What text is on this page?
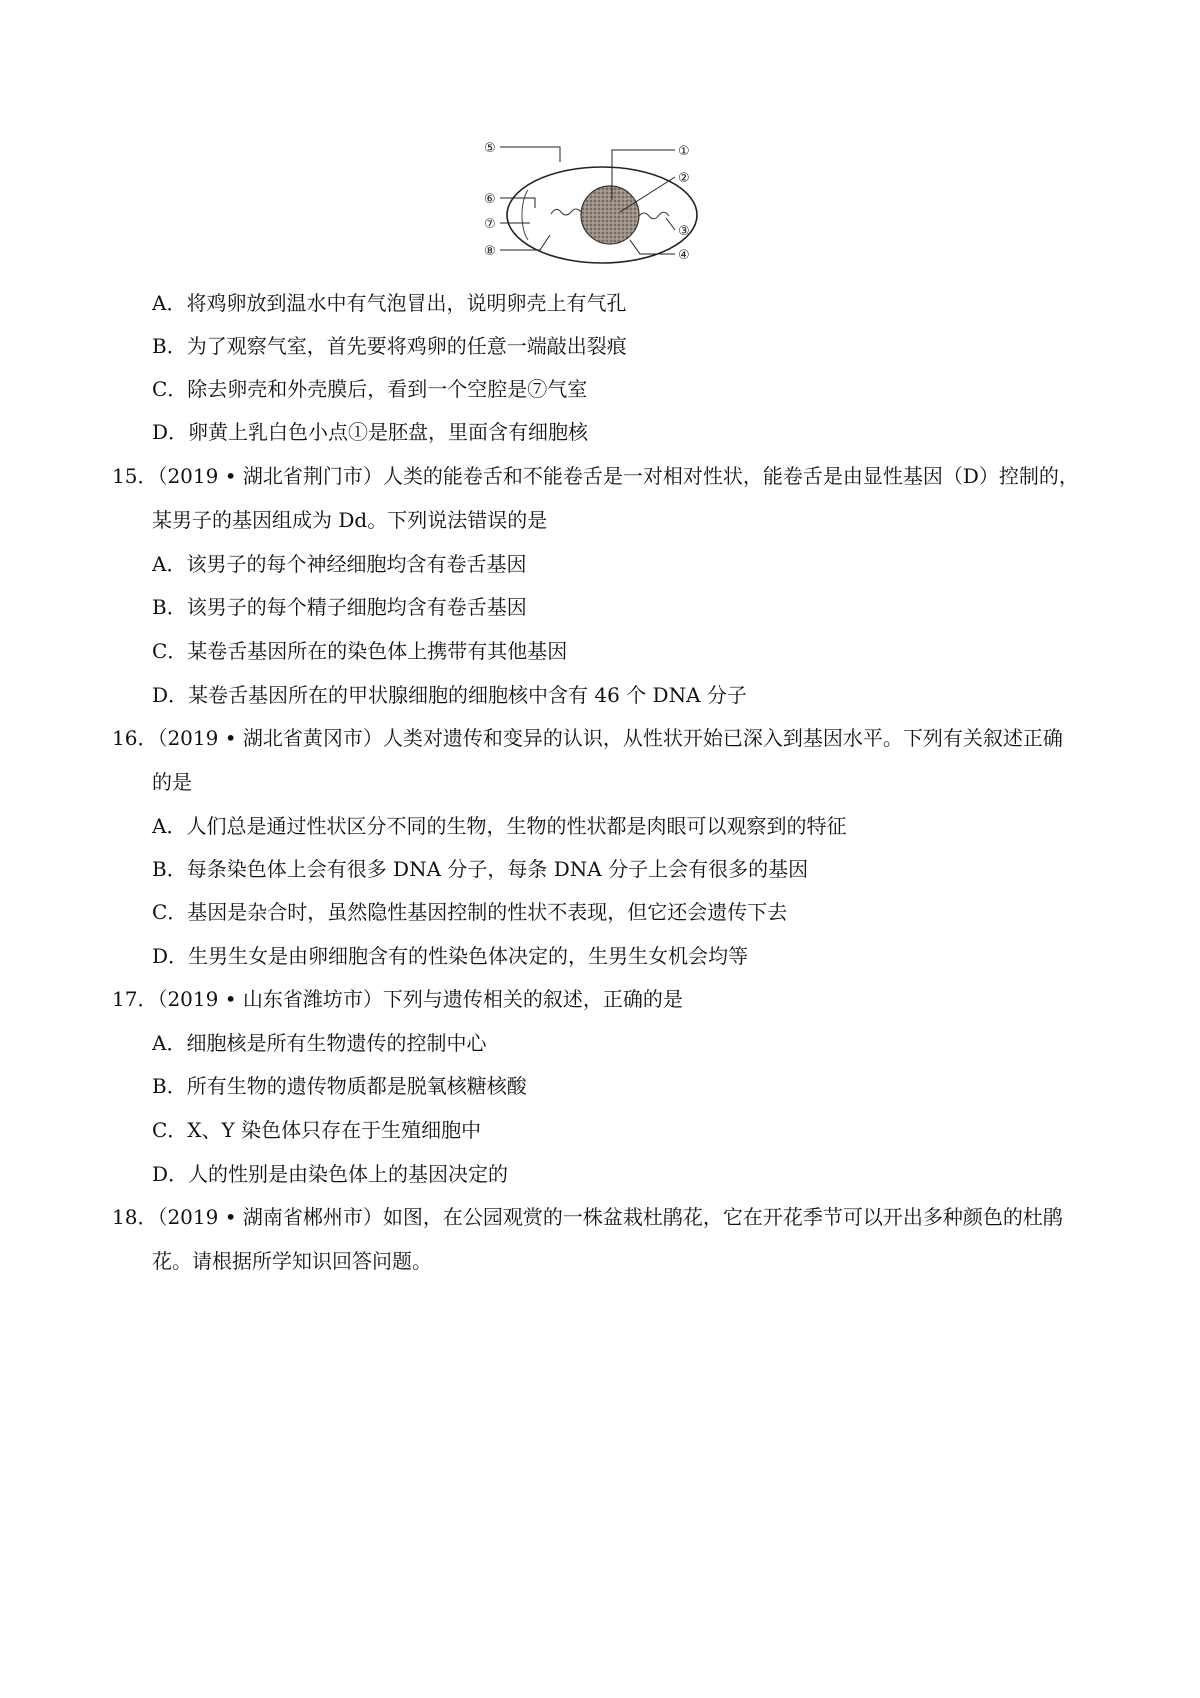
⑤	①
②
⑥
⑦	③
⑧	④
A．将鸡卵放到温水中有气泡冒出，说明卵壳上有气孔
B．为了观察气室，首先要将鸡卵的任意一端敲出裂痕
C．除去卵壳和外壳膜后，看到一个空腔是⑦气室
D．卵黄上乳白色小点①是胚盘，里面含有细胞核
15．（2019 • 湖北省荆门市）人类的能卷舌和不能卷舌是一对相对性状，能卷舌是由显性基因（D）控制的，
某男子的基因组成为 Dd。下列说法错误的是
A．该男子的每个神经细胞均含有卷舌基因
B．该男子的每个精子细胞均含有卷舌基因
C．某卷舌基因所在的染色体上携带有其他基因
D．某卷舌基因所在的甲状腺细胞的细胞核中含有 46 个 DNA 分子
16．（2019 • 湖北省黄冈市）人类对遗传和变异的认识，从性状开始已深入到基因水平。下列有关叙述正确
的是
A．人们总是通过性状区分不同的生物，生物的性状都是肉眼可以观察到的特征
B．每条染色体上会有很多 DNA 分子，每条 DNA 分子上会有很多的基因
C．基因是杂合时，虽然隐性基因控制的性状不表现，但它还会遗传下去
D．生男生女是由卵细胞含有的性染色体决定的，生男生女机会均等
17．（2019 • 山东省潍坊市）下列与遗传相关的叙述，正确的是
A．细胞核是所有生物遗传的控制中心
B．所有生物的遗传物质都是脱氧核糖核酸
C．X、Y 染色体只存在于生殖细胞中
D．人的性别是由染色体上的基因决定的
18．（2019 • 湖南省郴州市）如图，在公园观赏的一株盆栽杜鹃花，它在开花季节可以开出多种颜色的杜鹃
花。请根据所学知识回答问题。
